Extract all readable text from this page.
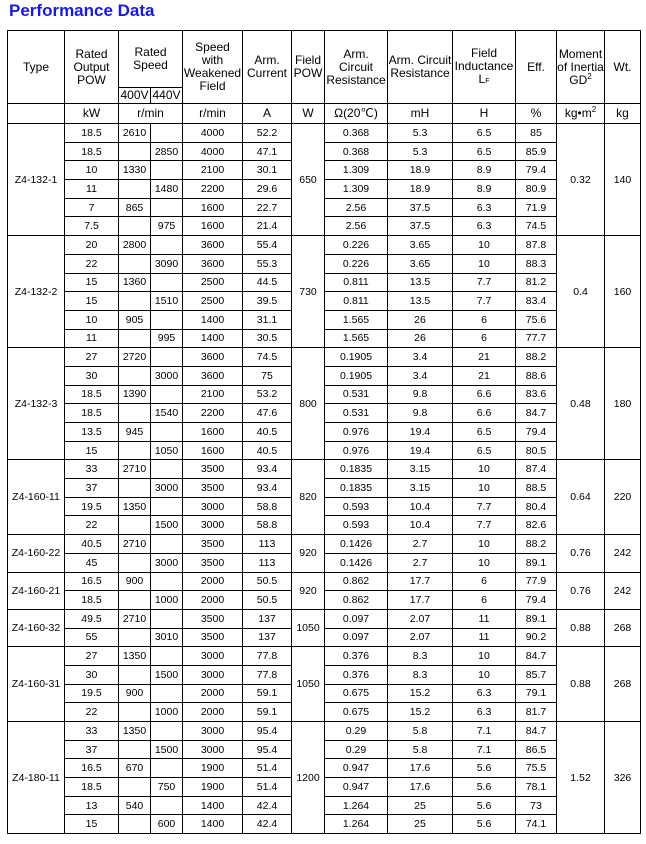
Performance Data
Type	Rated Output POW	Rated Speed		Speed with Weakened Field	Arm. Current	Field POW	Arm. Circuit Resistance	Arm. Circuit Resistance	Field Inductance LF	Eff.	Moment of Inertia $GD^2$	Wt.
		400V	440V									
	kW	r/min		r/min	A	W	Ω(20℃)	mH	H	%	$kg•m^2$	kg
Z4-132-1	18.5	2610		4000	52.2	650	0.368	5.3	6.5	85	0.32	140
	18.5		2850	4000	47.1		0.368	5.3	6.5	85.9		
	10	1330		2100	30.1		1.309	18.9	8.9	79.4		
	11		1480	2200	29.6		1.309	18.9	8.9	80.9		
	7	865		1600	22.7		2.56	37.5	6.3	71.9		
	7.5		975	1600	21.4		2.56	37.5	6.3	74.5		
Z4-132-2	20	2800		3600	55.4	730	0.226	3.65	10	87.8	0.4	160
	22		3090	3600	55.3		0.226	3.65	10	88.3		
	15	1360		2500	44.5		0.811	13.5	7.7	81.2		
	15		1510	2500	39.5		0.811	13.5	7.7	83.4		
	10	905		1400	31.1		1.565	26	6	75.6		
	11		995	1400	30.5		1.565	26	6	77.7		
Z4-132-3	27	2720		3600	74.5	800	0.1905	3.4	21	88.2	0.48	180
	30		3000	3600	75		0.1905	3.4	21	88.6		
	18.5	1390		2100	53.2		0.531	9.8	6.6	83.6		
	18.5		1540	2200	47.6		0.531	9.8	6.6	84.7		
	13.5	945		1600	40.5		0.976	19.4	6.5	79.4		
	15		1050	1600	40.5		0.976	19.4	6.5	80.5		
Z4-160-11	33	2710		3500	93.4	820	0.1835	3.15	10	87.4	0.64	220
	37		3000	3500	93.4		0.1835	3.15	10	88.5		
	19.5	1350		3000	58.8		0.593	10.4	7.7	80.4		
	22		1500	3000	58.8		0.593	10.4	7.7	82.6		
Z4-160-22	40.5	2710		3500	113	920	0.1426	2.7	10	88.2	0.76	242
	45		3000	3500	113		0.1426	2.7	10	89.1		
Z4-160-21	16.5	900		2000	50.5	920	0.862	17.7	6	77.9	0.76	242
	18.5		1000	2000	50.5		0.862	17.7	6	79.4		
Z4-160-32	49.5	2710		3500	137	1050	0.097	2.07	11	89.1	0.88	268
	55		3010	3500	137		0.097	2.07	11	90.2		
Z4-160-31	27	1350		3000	77.8	1050	0.376	8.3	10	84.7	0.88	268
	30		1500	3000	77.8		0.376	8.3	10	85.7		
	19.5	900		2000	59.1		0.675	15.2	6.3	79.1		
	22		1000	2000	59.1		0.675	15.2	6.3	81.7		
Z4-180-11	33	1350		3000	95.4	1200	0.29	5.8	7.1	84.7	1.52	326
	37		1500	3000	95.4		0.29	5.8	7.1	86.5		
	16.5	670		1900	51.4		0.947	17.6	5.6	75.5		
	18.5		750	1900	51.4		0.947	17.6	5.6	78.1		
	13	540		1400	42.4		1.264	25	5.6	73		
	15		600	1400	42.4		1.264	25	5.6	74.1		
